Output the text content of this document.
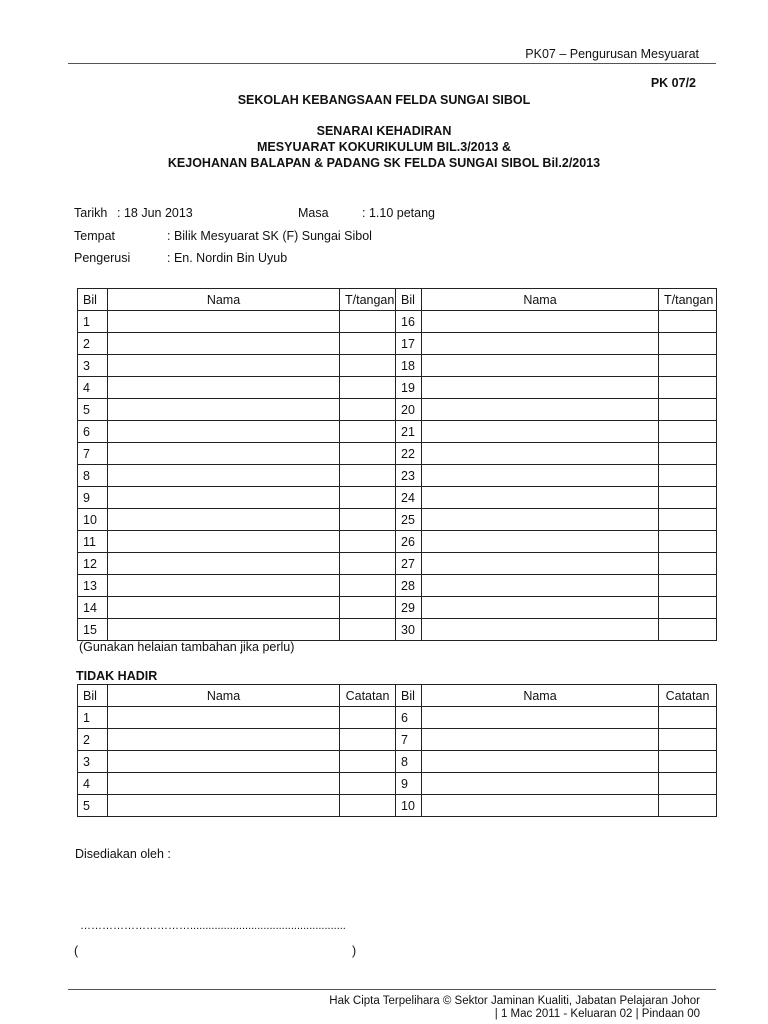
PK07 – Pengurusan Mesyuarat
PK 07/2
SEKOLAH KEBANGSAAN FELDA SUNGAI SIBOL
SENARAI KEHADIRAN
MESYUARAT KOKURIKULUM BIL.3/2013 &
KEJOHANAN BALAPAN & PADANG SK FELDA SUNGAI SIBOL Bil.2/2013
Tarikh : 18 Jun 2013	Masa	: 1.10 petang
Tempat	: Bilik Mesyuarat SK (F) Sungai Sibol
Pengerusi	: En. Nordin Bin Uyub
Bil	Nama	T/tangan	Bil	Nama	T/tangan
1			16		
2			17		
3			18		
4			19		
5			20		
6			21		
7			22		
8			23		
9			24		
10			25		
11			26		
12			27		
13			28		
14			29		
15			30		
(Gunakan helaian tambahan jika perlu)
TIDAK HADIR
Bil	Nama	Catatan	Bil	Nama	Catatan
1			6		
2			7		
3			8		
4			9		
5			10		
Disediakan oleh :
…………………………...................................................
(	)
Hak Cipta Terpelihara © Sektor Jaminan Kualiti, Jabatan Pelajaran Johor
| 1 Mac 2011 - Keluaran 02 | Pindaan 00
